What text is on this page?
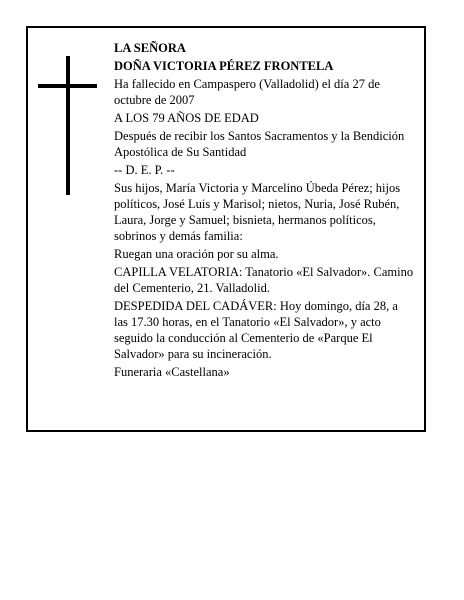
LA SEÑORA

DOÑA VICTORIA PÉREZ FRONTELA

Ha fallecido en Campaspero (Valladolid) el día 27 de octubre de 2007

A LOS 79 AÑOS DE EDAD

Después de recibir los Santos Sacramentos y la Bendición Apostólica de Su Santidad

-- D. E. P. --

Sus hijos, María Victoria y Marcelino Úbeda Pérez; hijos políticos, José Luis y Marisol; nietos, Nuria, José Rubén, Laura, Jorge y Samuel; bisnieta, hermanos políticos, sobrinos y demás familia:

Ruegan una oración por su alma.

CAPILLA VELATORIA: Tanatorio «El Salvador». Camino del Cementerio, 21. Valladolid.

DESPEDIDA DEL CADÁVER: Hoy domingo, día 28, a las 17.30 horas, en el Tanatorio «El Salvador», y acto seguido la conducción al Cementerio de «Parque El Salvador» para su incineración.

Funeraria «Castellana»
